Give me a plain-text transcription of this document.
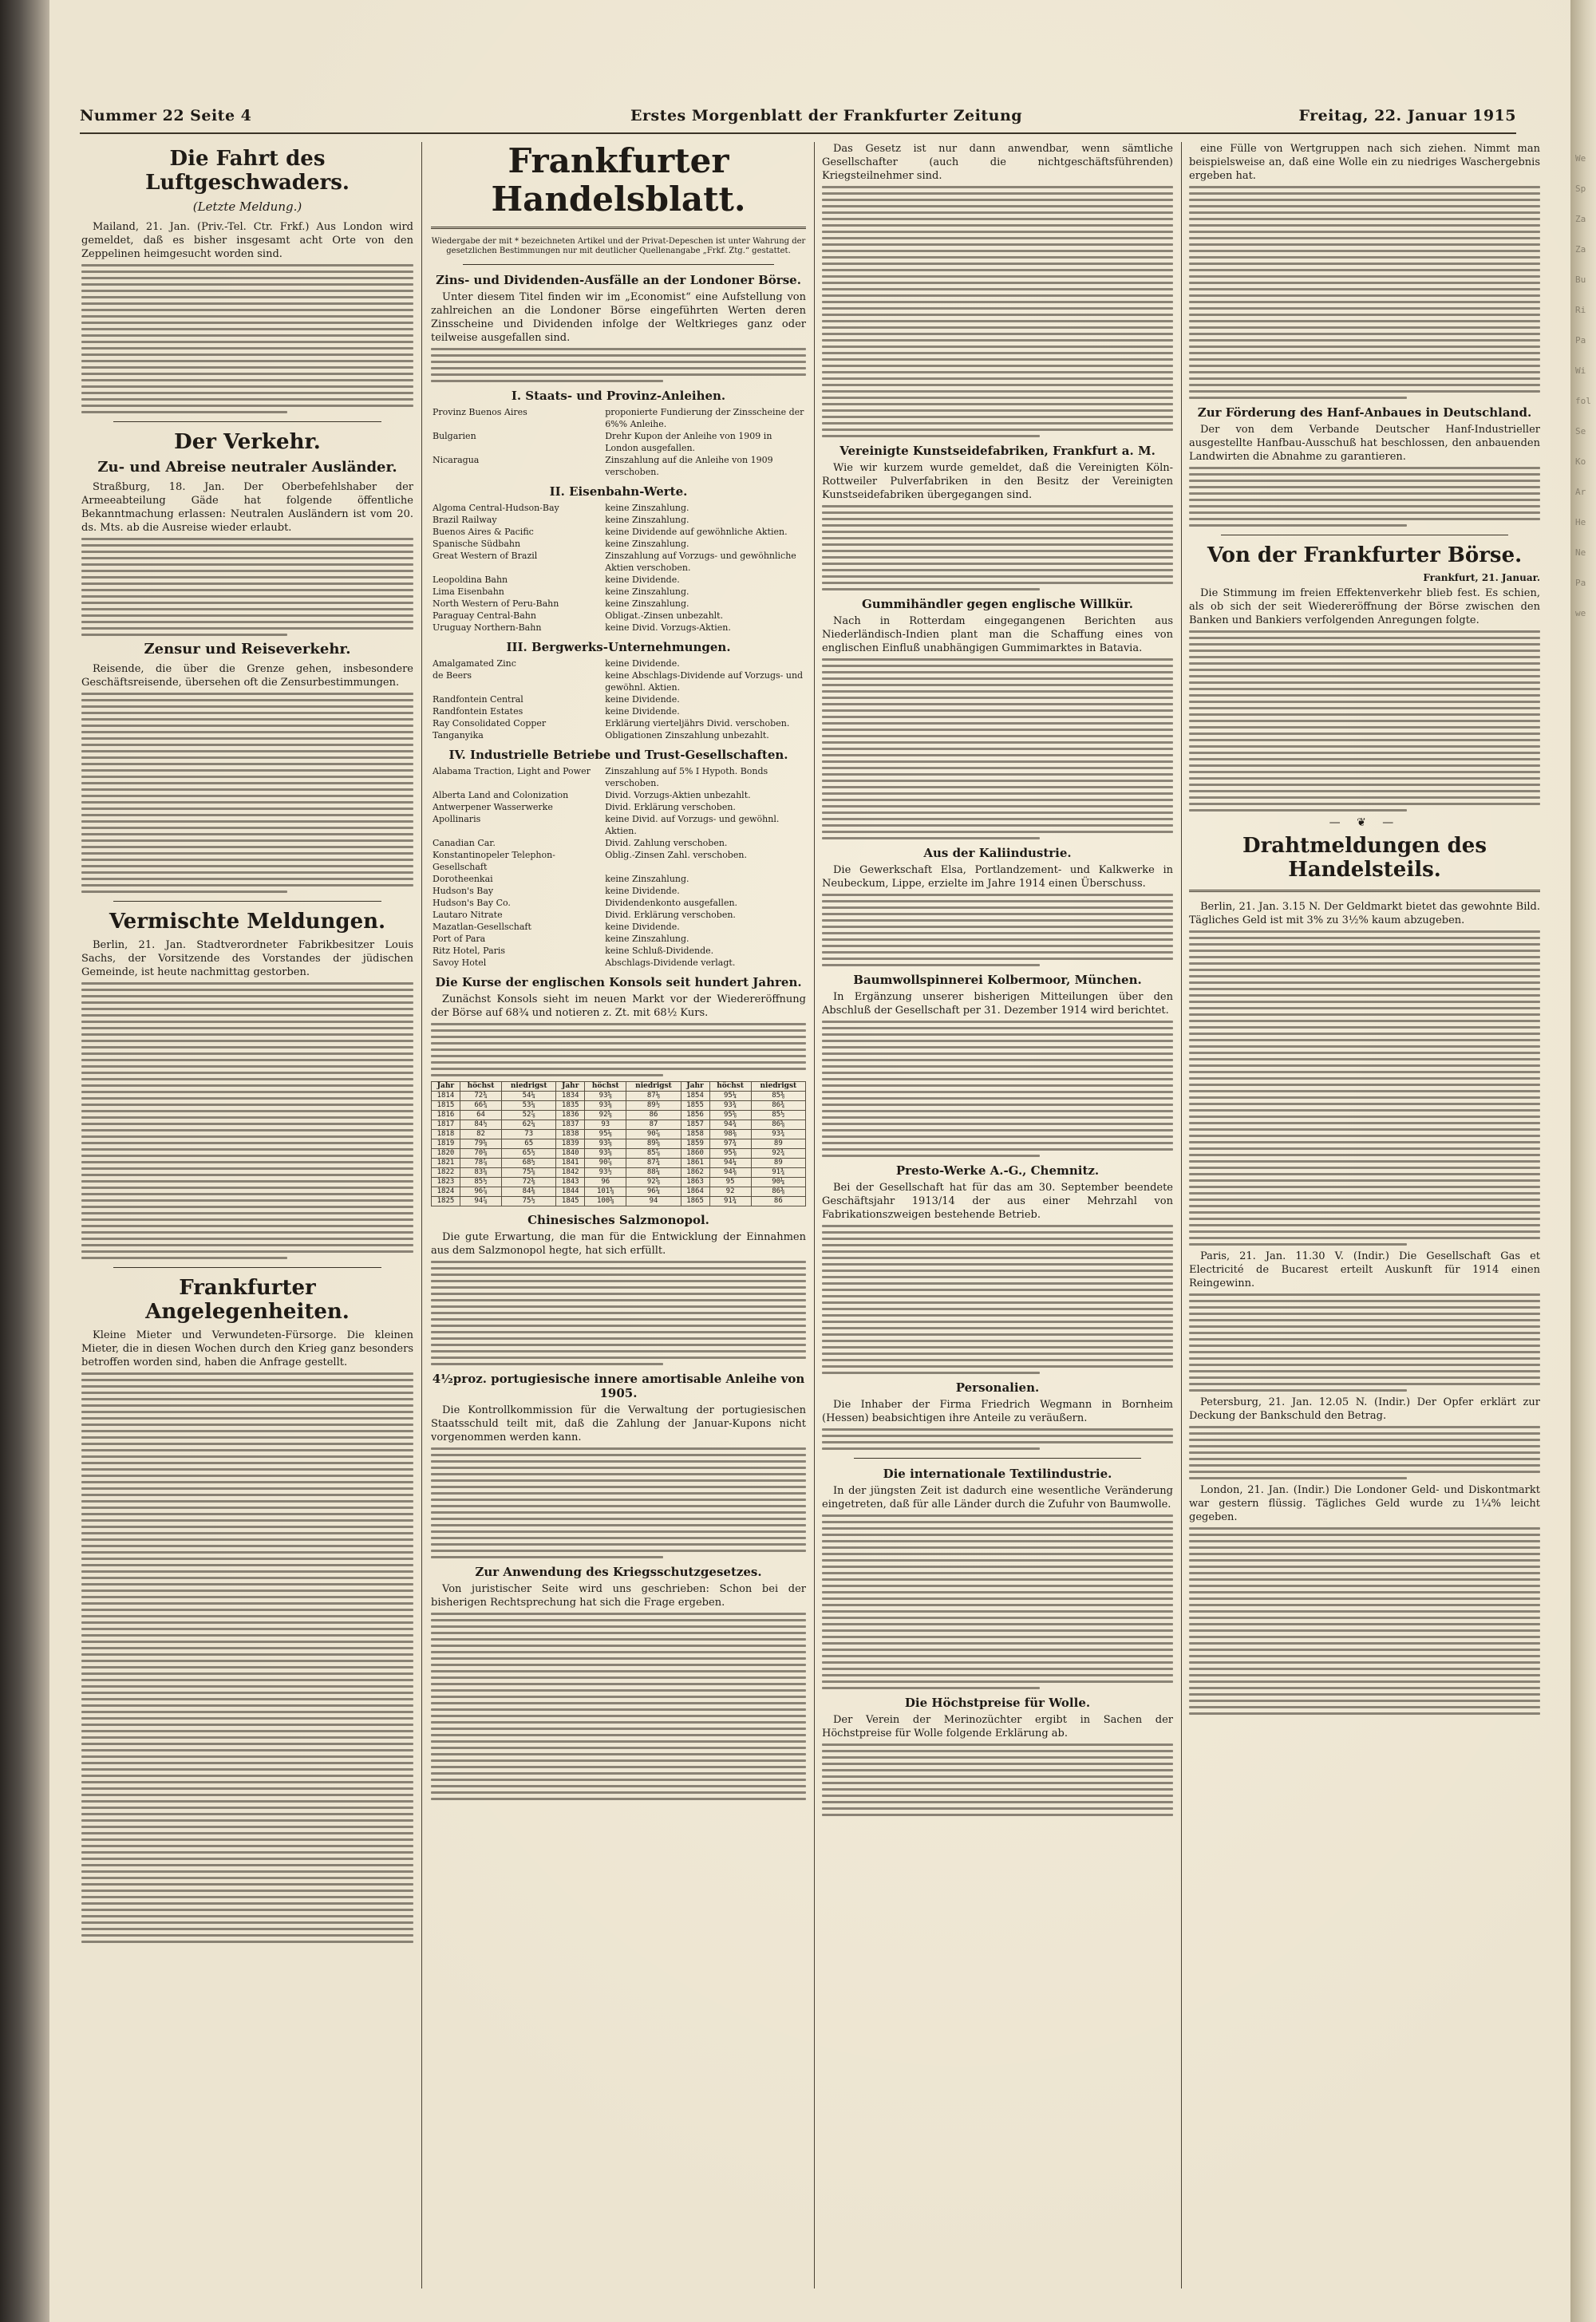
Nummer 22 Seite 4	Erstes Morgenblatt der Frankfurter Zeitung	Freitag, 22. Januar 1915
Die Fahrt des Luftgeschwaders.
(Letzte Meldung.)

Mailand, 21. Jan. (Priv.-Tel. Ctr. Frkf.) Aus London wird gemeldet, daß es bisher insgesamt acht Orte von den Zeppelinen heimgesucht worden sind.

Der Verkehr.
Zu- und Abreise neutraler Ausländer.

Straßburg, 18. Jan. Der Oberbefehlshaber der Armeeabteilung Gäde hat folgende öffentliche Bekanntmachung erlassen: Neutralen Ausländern ist vom 20. ds. Mts. ab die Ausreise wieder erlaubt.

Zensur und Reiseverkehr.

Reisende, die über die Grenze gehen, insbesondere Geschäftsreisende, übersehen oft die Zensurbestimmungen.

Vermischte Meldungen.

Berlin, 21. Jan. Stadtverordneter Fabrikbesitzer Louis Sachs, der Vorsitzende des Vorstandes der jüdischen Gemeinde, ist heute nachmittag gestorben.

Frankfurter Angelegenheiten.

Kleine Mieter und Verwundeten-Fürsorge. Die kleinen Mieter, die in diesen Wochen durch den Krieg ganz besonders betroffen worden sind, haben die Anfrage gestellt.

Frankfurter Handelsblatt.
Wiedergabe der mit * bezeichneten Artikel und der Privat-Depeschen ist unter Wahrung der gesetzlichen Bestimmungen nur mit deutlicher Quellenangabe „Frkf. Ztg.“ gestattet.
Zins- und Dividenden-Ausfälle an der Londoner Börse.

Unter diesem Titel finden wir im „Economist“ eine Aufstellung von zahlreichen an die Londoner Börse eingeführten Werten deren Zinsscheine und Dividenden infolge der Weltkrieges ganz oder teilweise ausgefallen sind.

I. Staats- und Provinz-Anleihen.
Provinz Buenos Aires	proponierte Fundierung der Zinsscheine der 6%% Anleihe.
Bulgarien	Drehr Kupon der Anleihe von 1909 in London ausgefallen.
Nicaragua	Zinszahlung auf die Anleihe von 1909 verschoben.
II. Eisenbahn-Werte.
Algoma Central-Hudson-Bay	keine Zinszahlung.
Brazil Railway	keine Zinszahlung.
Buenos Aires & Pacific	keine Dividende auf gewöhnliche Aktien.
Spanische Südbahn	keine Zinszahlung.
Great Western of Brazil	Zinszahlung auf Vorzugs- und gewöhnliche Aktien verschoben.
Leopoldina Bahn	keine Dividende.
Lima Eisenbahn	keine Zinszahlung.
North Western of Peru-Bahn	keine Zinszahlung.
Paraguay Central-Bahn	Obligat.-Zinsen unbezahlt.
Uruguay Northern-Bahn	keine Divid. Vorzugs-Aktien.
III. Bergwerks-Unternehmungen.
Amalgamated Zinc	keine Dividende.
de Beers	keine Abschlags-Dividende auf Vorzugs- und gewöhnl. Aktien.
Randfontein Central	keine Dividende.
Randfontein Estates	keine Dividende.
Ray Consolidated Copper	Erklärung vierteljährs Divid. verschoben.
Tanganyika	Obligationen Zinszahlung unbezahlt.
IV. Industrielle Betriebe und Trust-Gesellschaften.
Alabama Traction, Light and Power	Zinszahlung auf 5% I Hypoth. Bonds verschoben.
Alberta Land and Colonization	Divid. Vorzugs-Aktien unbezahlt.
Antwerpener Wasserwerke	Divid. Erklärung verschoben.
Apollinaris	keine Divid. auf Vorzugs- und gewöhnl. Aktien.
Canadian Car.	Divid. Zahlung verschoben.
Konstantinopeler Telephon-Gesellschaft	Oblig.-Zinsen Zahl. verschoben.
Dorotheenkai	keine Zinszahlung.
Hudson's Bay	keine Dividende.
Hudson's Bay Co.	Dividendenkonto ausgefallen.
Lautaro Nitrate	Divid. Erklärung verschoben.
Mazatlan-Gesellschaft	keine Dividende.
Port of Para	keine Zinszahlung.
Ritz Hotel, Paris	keine Schluß-Dividende.
Savoy Hotel	Abschlags-Dividende verlagt.
Die Kurse der englischen Konsols seit hundert Jahren.

Zunächst Konsols sieht im neuen Markt vor der Wiedereröffnung der Börse auf 68¾ und notieren z. Zt. mit 68½ Kurs.

Jahr	höchst	niedrigst	Jahr	höchst	niedrigst	Jahr	höchst	niedrigst
1814	72¾	54¼	1834	93⅝	87⅛	1854	95¼	85⅜
1815	66¾	53¼	1835	93⅜	89½	1855	93¾	86¾
1816	64	52⅞	1836	92⅝	86	1856	95⅝	85½
1817	84½	62¼	1837	93	87	1857	94¾	86⅝
1818	82	73	1838	95⅛	90⅞	1858	98⅜	93¾
1819	79⅝	65	1839	93⅝	89⅝	1859	97¾	89
1820	70⅝	65½	1840	93⅝	85⅞	1860	95⅜	92¾
1821	78⅞	68½	1841	90⅞	87¾	1861	94¼	89
1822	83⅝	75⅝	1842	93½	88¼	1862	94⅜	91¾
1823	85½	72⅜	1843	96	92⅝	1863	95	90¼
1824	96⅞	84⅜	1844	101⅝	96¼	1864	92	86⅜
1825	94⅞	75½	1845	100⅝	94	1865	91¾	86
Chinesisches Salzmonopol.

Die gute Erwartung, die man für die Entwicklung der Einnahmen aus dem Salzmonopol hegte, hat sich erfüllt.

4½proz. portugiesische innere amortisable Anleihe von 1905.

Die Kontrollkommission für die Verwaltung der portugiesischen Staatsschuld teilt mit, daß die Zahlung der Januar-Kupons nicht vorgenommen werden kann.

Zur Anwendung des Kriegsschutzgesetzes.

Von juristischer Seite wird uns geschrieben: Schon bei der bisherigen Rechtsprechung hat sich die Frage ergeben.

Das Gesetz ist nur dann anwendbar, wenn sämtliche Gesellschafter (auch die nichtgeschäftsführenden) Kriegsteilnehmer sind.

Vereinigte Kunstseidefabriken, Frankfurt a. M.

Wie wir kurzem wurde gemeldet, daß die Vereinigten Köln-Rottweiler Pulverfabriken in den Besitz der Vereinigten Kunstseidefabriken übergegangen sind.

Gummihändler gegen englische Willkür.

Nach in Rotterdam eingegangenen Berichten aus Niederländisch-Indien plant man die Schaffung eines von englischen Einfluß unabhängigen Gummimarktes in Batavia.

Aus der Kaliindustrie.

Die Gewerkschaft Elsa, Portlandzement- und Kalkwerke in Neubeckum, Lippe, erzielte im Jahre 1914 einen Überschuss.

Baumwollspinnerei Kolbermoor, München.

In Ergänzung unserer bisherigen Mitteilungen über den Abschluß der Gesellschaft per 31. Dezember 1914 wird berichtet.

Presto-Werke A.-G., Chemnitz.

Bei der Gesellschaft hat für das am 30. September beendete Geschäftsjahr 1913/14 der aus einer Mehrzahl von Fabrikationszweigen bestehende Betrieb.

Personalien.

Die Inhaber der Firma Friedrich Wegmann in Bornheim (Hessen) beabsichtigen ihre Anteile zu veräußern.

Die internationale Textilindustrie.

In der jüngsten Zeit ist dadurch eine wesentliche Veränderung eingetreten, daß für alle Länder durch die Zufuhr von Baumwolle.

Die Höchstpreise für Wolle.

Der Verein der Merinozüchter ergibt in Sachen der Höchstpreise für Wolle folgende Erklärung ab.

eine Fülle von Wertgruppen nach sich ziehen. Nimmt man beispielsweise an, daß eine Wolle ein zu niedriges Waschergebnis ergeben hat.

Zur Förderung des Hanf-Anbaues in Deutschland.

Der von dem Verbande Deutscher Hanf-Industrieller ausgestellte Hanfbau-Ausschuß hat beschlossen, den anbauenden Landwirten die Abnahme zu garantieren.

Von der Frankfurter Börse.
Frankfurt, 21. Januar.

Die Stimmung im freien Effektenverkehr blieb fest. Es schien, als ob sich der seit Wiedereröffnung der Börse zwischen den Banken und Bankiers verfolgenden Anregungen folgte.

— ❦ —
Drahtmeldungen des Handelsteils.

Berlin, 21. Jan. 3.15 N. Der Geldmarkt bietet das gewohnte Bild. Tägliches Geld ist mit 3% zu 3½% kaum abzugeben.

Paris, 21. Jan. 11.30 V. (Indir.) Die Gesellschaft Gas et Electricité de Bucarest erteilt Auskunft für 1914 einen Reingewinn.

Petersburg, 21. Jan. 12.05 N. (Indir.) Der Opfer erklärt zur Deckung der Bankschuld den Betrag.

London, 21. Jan. (Indir.) Die Londoner Geld- und Diskontmarkt war gestern flüssig. Tägliches Geld wurde zu 1¼% leicht gegeben.

We
Sp
Za
Za
Bu
Ri
Pa
Wi
fol
Se
Ko
Ar
He
Ne
Pa
we
